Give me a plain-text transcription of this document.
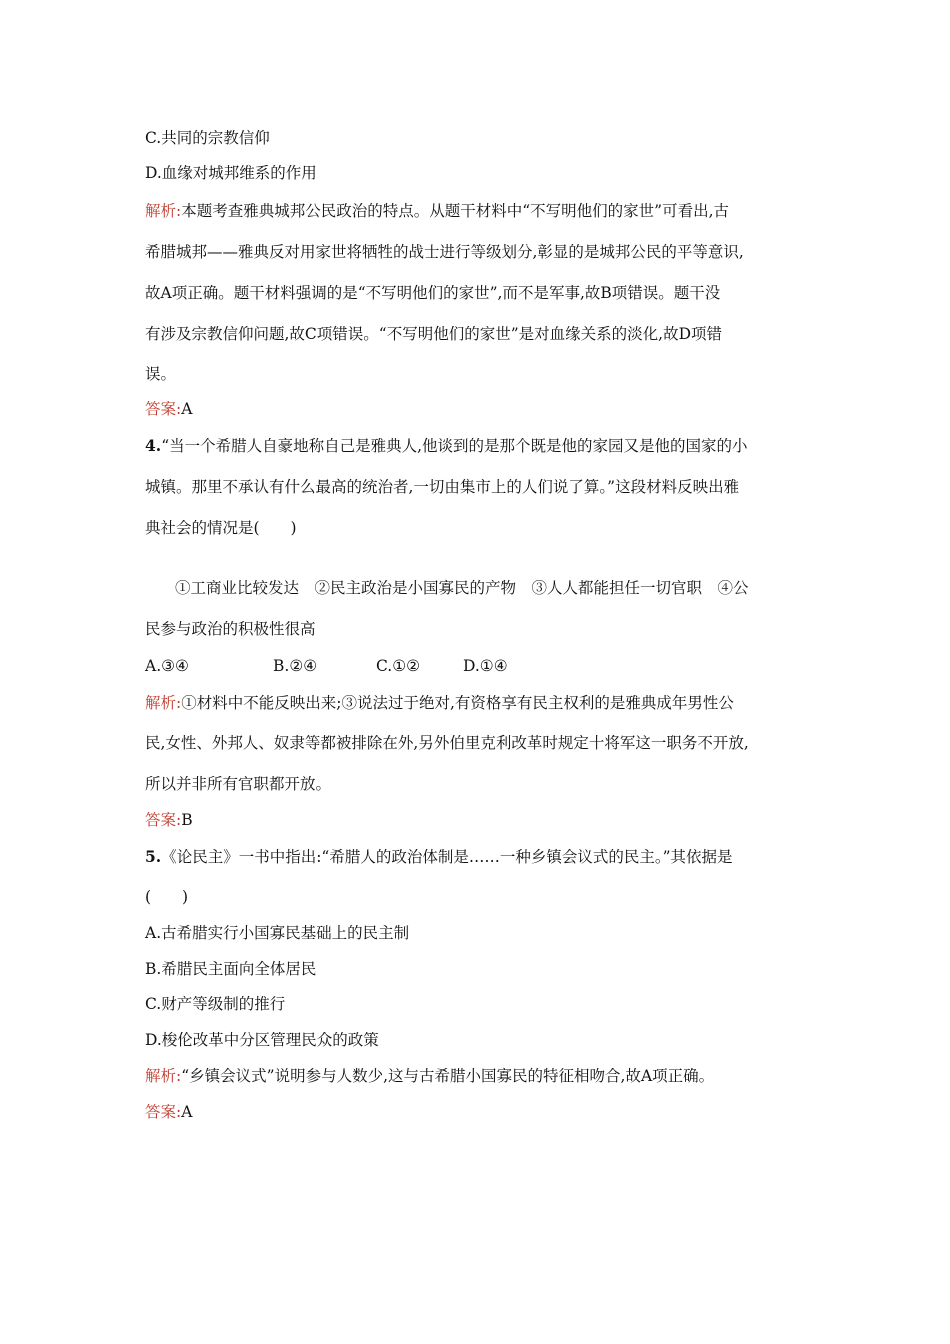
C.共同的宗教信仰
D.血缘对城邦维系的作用
解析:本题考查雅典城邦公民政治的特点。从题干材料中“不写明他们的家世”可看出,古
希腊城邦——雅典反对用家世将牺牲的战士进行等级划分,彰显的是城邦公民的平等意识,
故A项正确。题干材料强调的是“不写明他们的家世”,而不是军事,故B项错误。题干没
有涉及宗教信仰问题,故C项错误。“不写明他们的家世”是对血缘关系的淡化,故D项错
误。
答案:A
4.“当一个希腊人自豪地称自己是雅典人,他谈到的是那个既是他的家园又是他的国家的小
城镇。那里不承认有什么最高的统治者,一切由集市上的人们说了算。”这段材料反映出雅
典社会的情况是(　　)
①工商业比较发达　②民主政治是小国寡民的产物　③人人都能担任一切官职　④公
民参与政治的积极性很高
A.③④	B.②④	C.①②	D.①④
解析:①材料中不能反映出来;③说法过于绝对,有资格享有民主权利的是雅典成年男性公
民,女性、外邦人、奴隶等都被排除在外,另外伯里克利改革时规定十将军这一职务不开放,
所以并非所有官职都开放。
答案:B
5.《论民主》一书中指出:“希腊人的政治体制是……一种乡镇会议式的民主。”其依据是
(　　)
A.古希腊实行小国寡民基础上的民主制
B.希腊民主面向全体居民
C.财产等级制的推行
D.梭伦改革中分区管理民众的政策
解析:“乡镇会议式”说明参与人数少,这与古希腊小国寡民的特征相吻合,故A项正确。
答案:A
